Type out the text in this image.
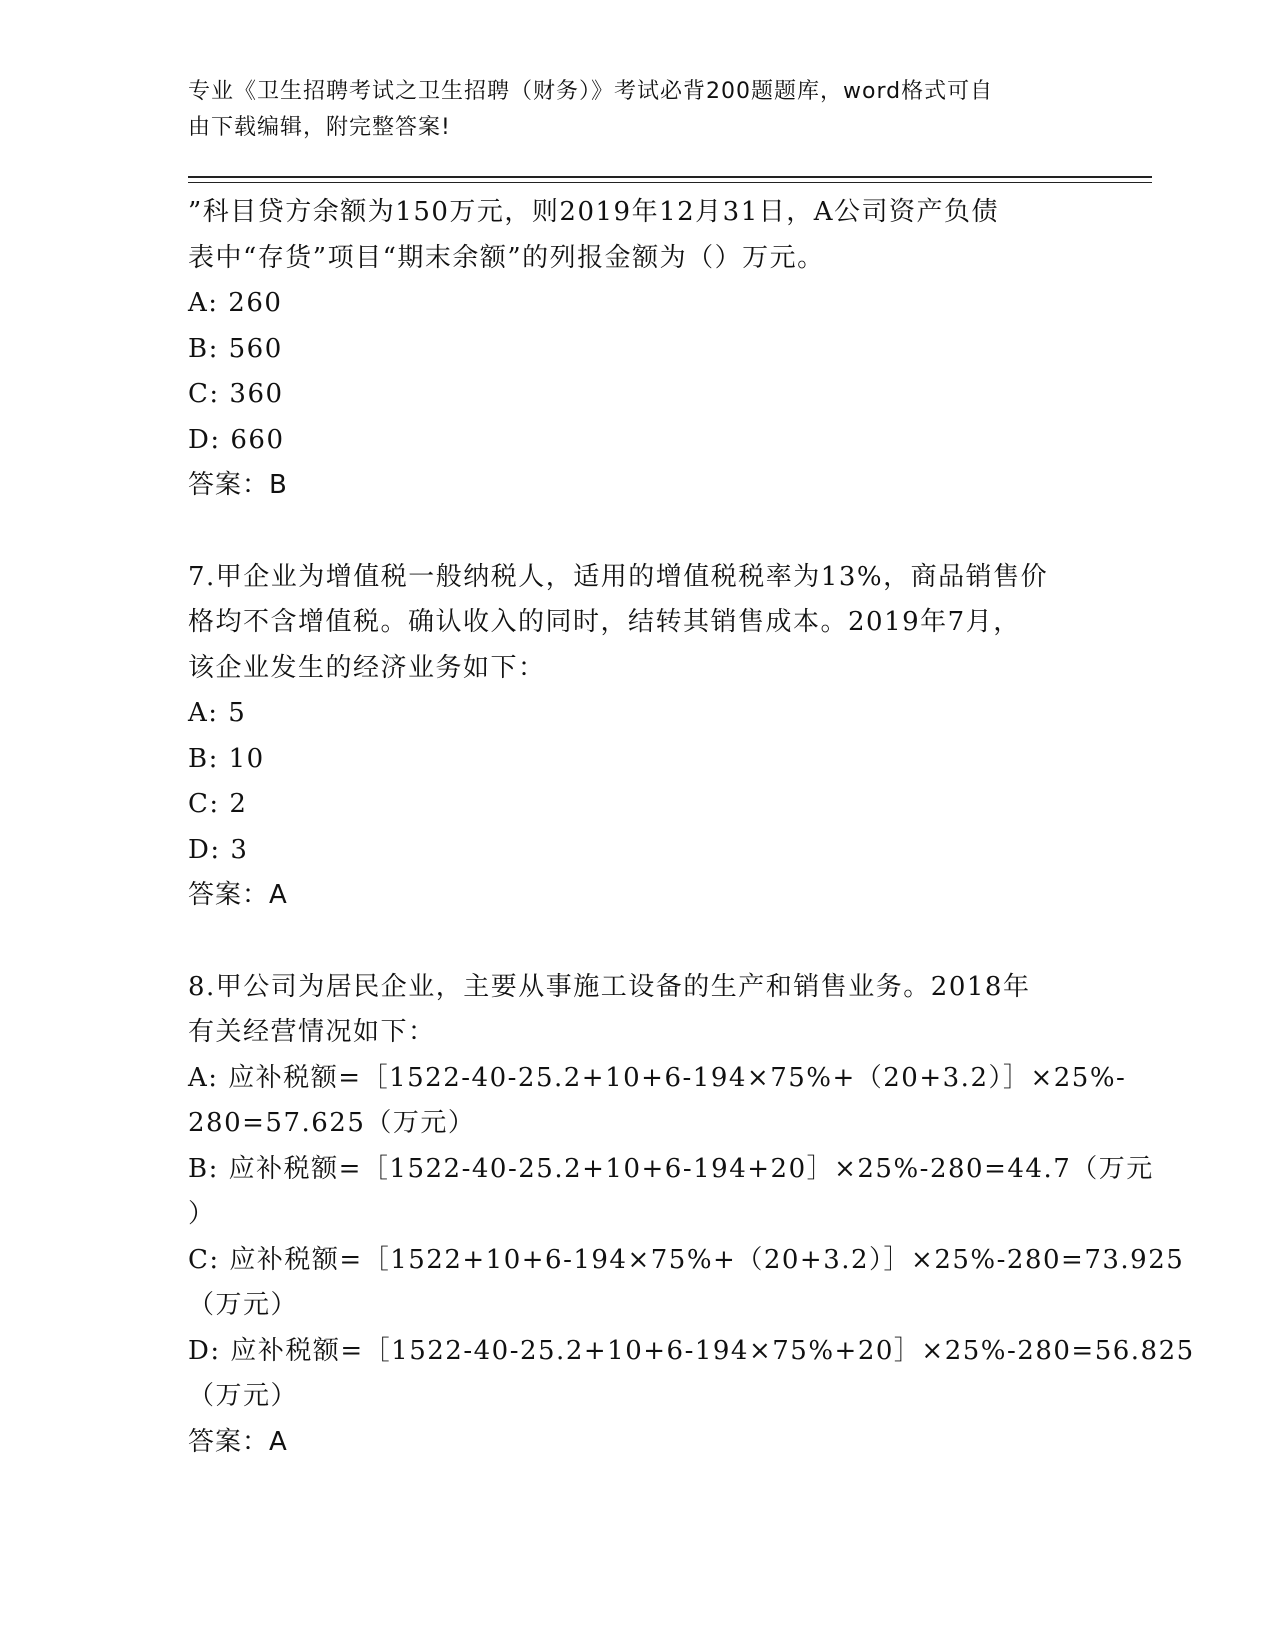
专业《卫生招聘考试之卫生招聘（财务）》考试必背200题题库，word格式可自
由下载编辑，附完整答案!
”科目贷方余额为150万元，则2019年12月31日，A公司资产负债
表中“存货”项目“期末余额”的列报金额为（）万元。
A: 260
B: 560
C: 360
D: 660
答案：B
7.甲企业为增值税一般纳税人，适用的增值税税率为13%，商品销售价
格均不含增值税。确认收入的同时，结转其销售成本。2019年7月，
该企业发生的经济业务如下：
A: 5
B: 10
C: 2
D: 3
答案：A
8.甲公司为居民企业，主要从事施工设备的生产和销售业务。2018年
有关经营情况如下：
A: 应补税额=［1522-40-25.2+10+6-194×75%+（20+3.2）］×25%-
280=57.625（万元）
B: 应补税额=［1522-40-25.2+10+6-194+20］×25%-280=44.7（万元
）
C: 应补税额=［1522+10+6-194×75%+（20+3.2）］×25%-280=73.925
（万元）
D: 应补税额=［1522-40-25.2+10+6-194×75%+20］×25%-280=56.825
（万元）
答案：A
